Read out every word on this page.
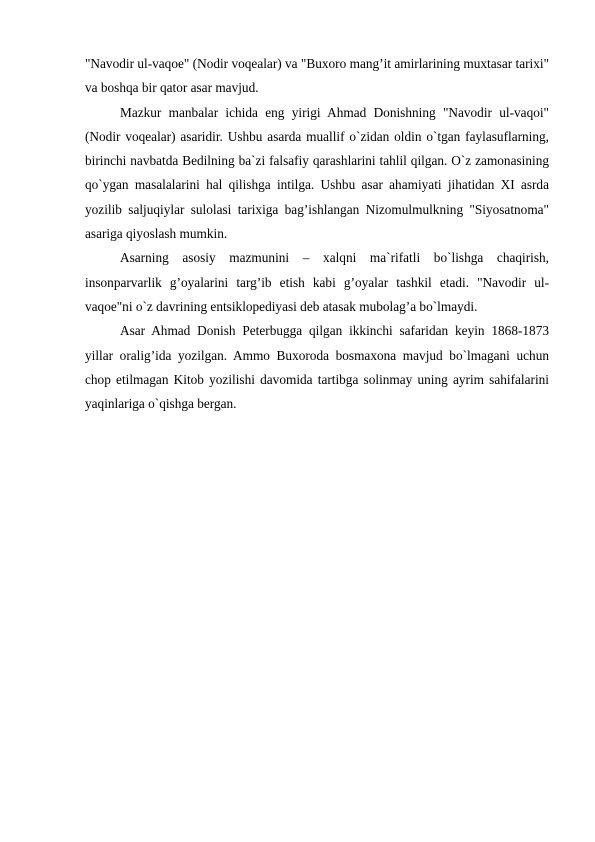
"Navodir ul-vaqoe" (Nodir voqealar) va "Buxoro mang’it amirlarining muxtasar tarixi" va boshqa bir qator asar mavjud.

Mazkur manbalar ichida eng yirigi Ahmad Donishning "Navodir ul-vaqoi" (Nodir voqealar) asaridir. Ushbu asarda muallif o`zidan oldin o`tgan faylasuflarning, birinchi navbatda Bedilning ba`zi falsafiy qarashlarini tahlil qilgan. O`z zamonasining qo`ygan masalalarini hal qilishga intilga. Ushbu asar ahamiyati jihatidan XI asrda yozilib saljuqiylar sulolasi tarixiga bag’ishlangan Nizomulmulkning "Siyosatnoma" asariga qiyoslash mumkin.

Asarning asosiy mazmunini – xalqni ma`rifatli bo`lishga chaqirish, insonparvarlik g’oyalarini targ’ib etish kabi g’oyalar tashkil etadi. "Navodir ul-vaqoe"ni o`z davrining entsiklopediyasi deb atasak mubolag’a bo`lmaydi.

Asar Ahmad Donish Peterbugga qilgan ikkinchi safaridan keyin 1868-1873 yillar oralig’ida yozilgan. Ammo Buxoroda bosmaxona mavjud bo`lmagani uchun chop etilmagan Kitob yozilishi davomida tartibga solinmay uning ayrim sahifalarini yaqinlariga o`qishga bergan.
